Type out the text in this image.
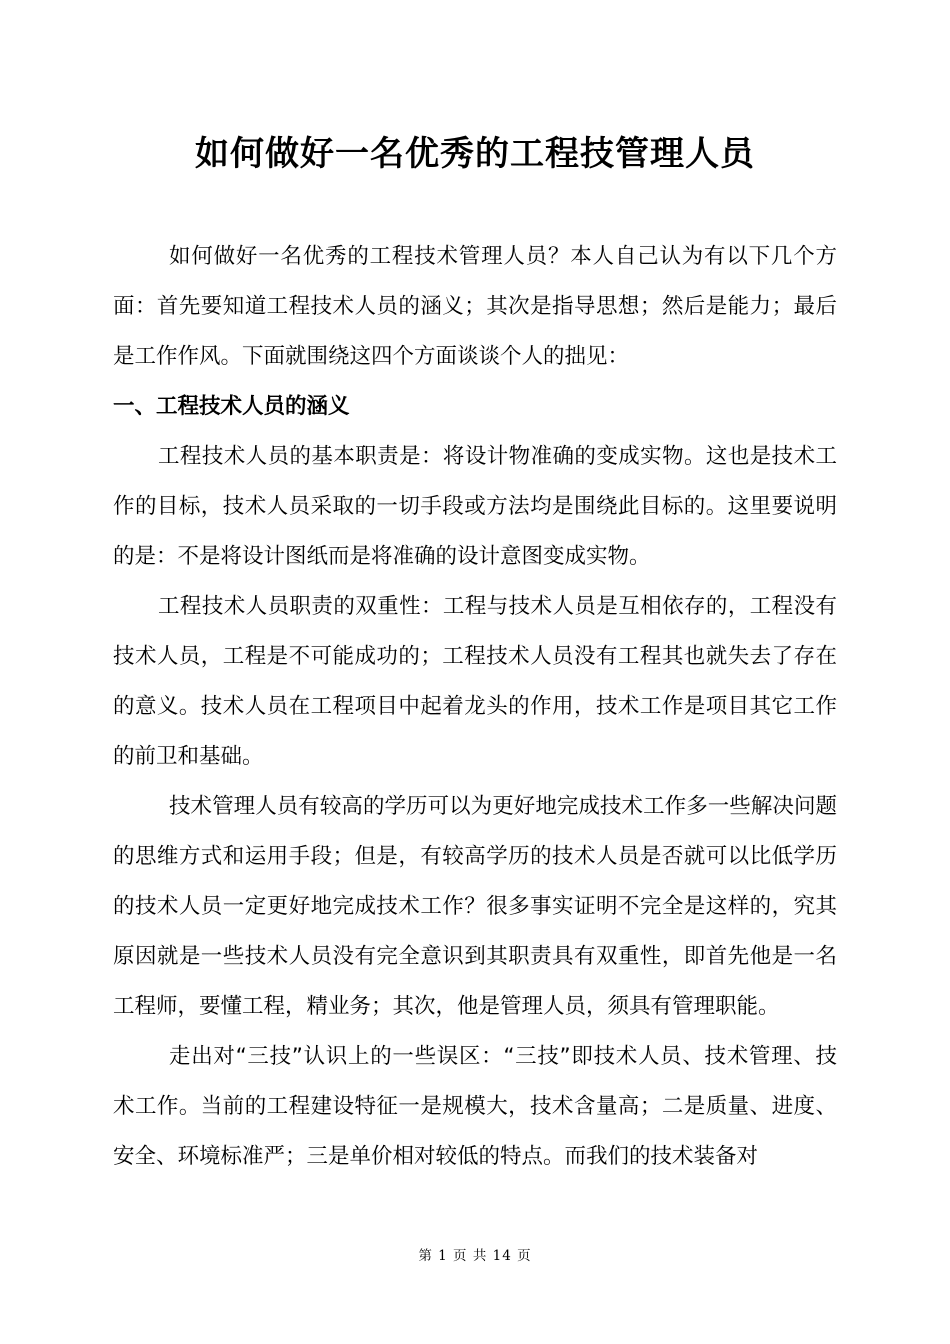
如何做好一名优秀的工程技管理人员

如何做好一名优秀的工程技术管理人员？本人自己认为有以下几个方面：首先要知道工程技术人员的涵义；其次是指导思想；然后是能力；最后是工作作风。下面就围绕这四个方面谈谈个人的拙见：

一、工程技术人员的涵义

工程技术人员的基本职责是：将设计物准确的变成实物。这也是技术工作的目标，技术人员采取的一切手段或方法均是围绕此目标的。这里要说明的是：不是将设计图纸而是将准确的设计意图变成实物。

工程技术人员职责的双重性：工程与技术人员是互相依存的，工程没有技术人员，工程是不可能成功的；工程技术人员没有工程其也就失去了存在的意义。技术人员在工程项目中起着龙头的作用，技术工作是项目其它工作的前卫和基础。

技术管理人员有较高的学历可以为更好地完成技术工作多一些解决问题的思维方式和运用手段；但是，有较高学历的技术人员是否就可以比低学历的技术人员一定更好地完成技术工作？很多事实证明不完全是这样的，究其原因就是一些技术人员没有完全意识到其职责具有双重性，即首先他是一名工程师，要懂工程，精业务；其次，他是管理人员，须具有管理职能。

走出对“三技”认识上的一些误区：“三技”即技术人员、技术管理、技术工作。当前的工程建设特征一是规模大，技术含量高；二是质量、进度、安全、环境标准严；三是单价相对较低的特点。而我们的技术装备对

第 1 页 共 14 页
